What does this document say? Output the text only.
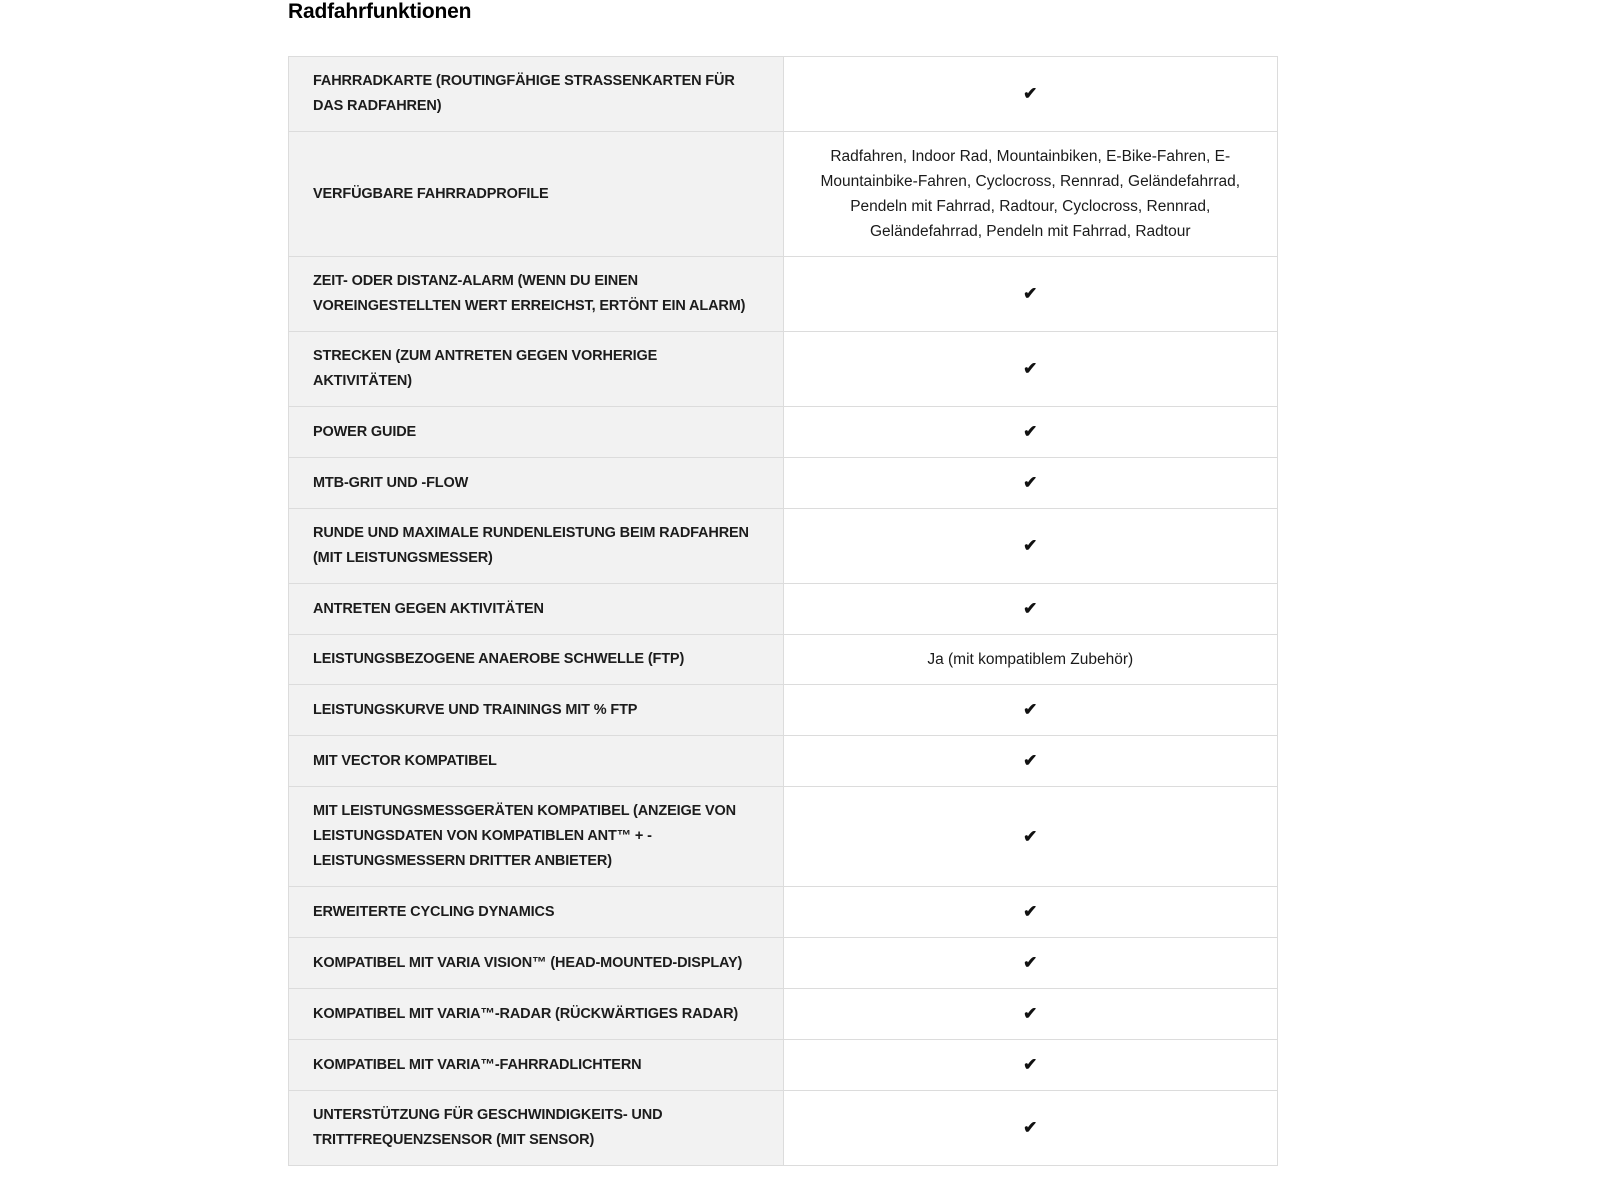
Radfahrfunktionen
FAHRRADKARTE (ROUTINGFÄHIGE STRASSENKARTEN FÜR DAS RADFAHREN)	✔
VERFÜGBARE FAHRRADPROFILE	Radfahren, Indoor Rad, Mountainbiken, E-Bike-Fahren, E-Mountainbike-Fahren, Cyclocross, Rennrad, Geländefahrrad, Pendeln mit Fahrrad, Radtour, Cyclocross, Rennrad, Geländefahrrad, Pendeln mit Fahrrad, Radtour
ZEIT- ODER DISTANZ-ALARM (WENN DU EINEN VOREINGESTELLTEN WERT ERREICHST, ERTÖNT EIN ALARM)	✔
STRECKEN (ZUM ANTRETEN GEGEN VORHERIGE AKTIVITÄTEN)	✔
POWER GUIDE	✔
MTB-GRIT UND -FLOW	✔
RUNDE UND MAXIMALE RUNDENLEISTUNG BEIM RADFAHREN (MIT LEISTUNGSMESSER)	✔
ANTRETEN GEGEN AKTIVITÄTEN	✔
LEISTUNGSBEZOGENE ANAEROBE SCHWELLE (FTP)	Ja (mit kompatiblem Zubehör)
LEISTUNGSKURVE UND TRAININGS MIT % FTP	✔
MIT VECTOR KOMPATIBEL	✔
MIT LEISTUNGSMESSGERÄTEN KOMPATIBEL (ANZEIGE VON LEISTUNGSDATEN VON KOMPATIBLEN ANT™ + -LEISTUNGSMESSERN DRITTER ANBIETER)	✔
ERWEITERTE CYCLING DYNAMICS	✔
KOMPATIBEL MIT VARIA VISION™ (HEAD-MOUNTED-DISPLAY)	✔
KOMPATIBEL MIT VARIA™-RADAR (RÜCKWÄRTIGES RADAR)	✔
KOMPATIBEL MIT VARIA™-FAHRRADLICHTERN	✔
UNTERSTÜTZUNG FÜR GESCHWINDIGKEITS- UND TRITTFREQUENZSENSOR (MIT SENSOR)	✔
